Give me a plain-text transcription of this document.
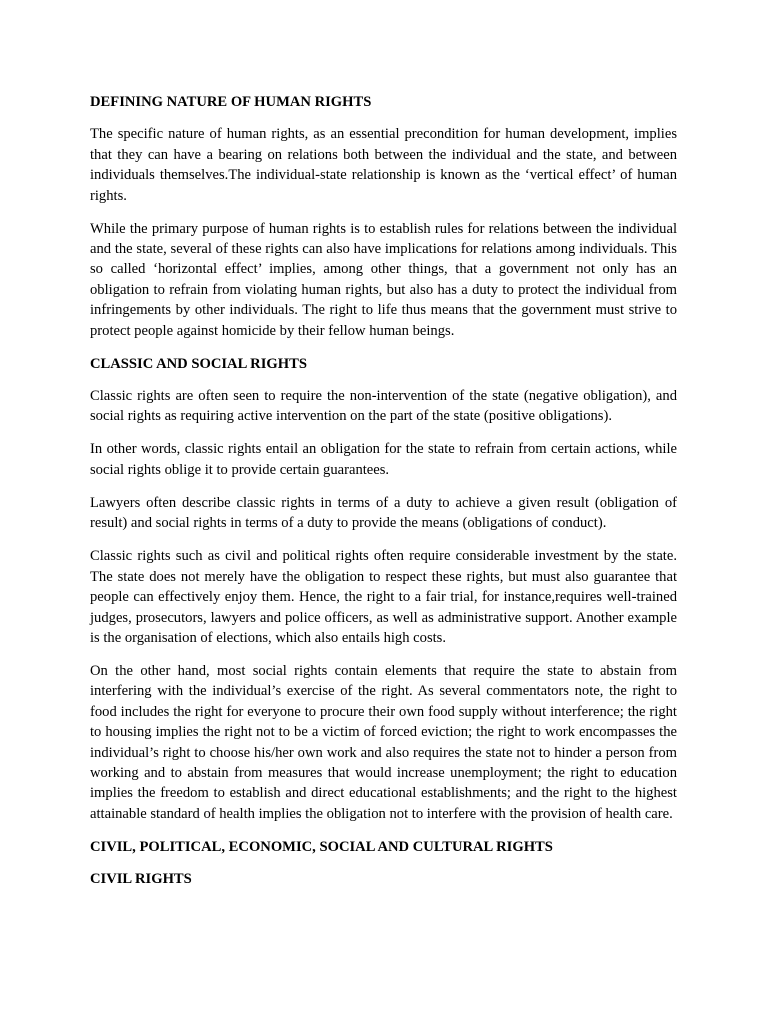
DEFINING NATURE OF HUMAN RIGHTS

The specific nature of human rights, as an essential precondition for human development, implies that they can have a bearing on relations both between the individual and the state, and between individuals themselves.The individual-state relationship is known as the ‘vertical effect’ of human rights.

While the primary purpose of human rights is to establish rules for relations between the individual and the state, several of these rights can also have implications for relations among individuals. This so called ‘horizontal effect’ implies, among other things, that a government not only has an obligation to refrain from violating human rights, but also has a duty to protect the individual from infringements by other individuals. The right to life thus means that the government must strive to protect people against homicide by their fellow human beings.

CLASSIC AND SOCIAL RIGHTS

Classic rights are often seen to require the non-intervention of the state (negative obligation), and social rights as requiring active intervention on the part of the state (positive obligations).

In other words, classic rights entail an obligation for the state to refrain from certain actions, while social rights oblige it to provide certain guarantees.

Lawyers often describe classic rights in terms of a duty to achieve a given result (obligation of result) and social rights in terms of a duty to provide the means (obligations of conduct).

Classic rights such as civil and political rights often require considerable investment by the state. The state does not merely have the obligation to respect these rights, but must also guarantee that people can effectively enjoy them. Hence, the right to a fair trial, for instance,requires well-trained judges, prosecutors, lawyers and police officers, as well as administrative support. Another example is the organisation of elections, which also entails high costs.

On the other hand, most social rights contain elements that require the state to abstain from interfering with the individual’s exercise of the right. As several commentators note, the right to food includes the right for everyone to procure their own food supply without interference; the right to housing implies the right not to be a victim of forced eviction; the right to work encompasses the individual’s right to choose his/her own work and also requires the state not to hinder a person from working and to abstain from measures that would increase unemployment; the right to education implies the freedom to establish and direct educational establishments; and the right to the highest attainable standard of health implies the obligation not to interfere with the provision of health care.

CIVIL, POLITICAL, ECONOMIC, SOCIAL AND CULTURAL RIGHTS
CIVIL RIGHTS
